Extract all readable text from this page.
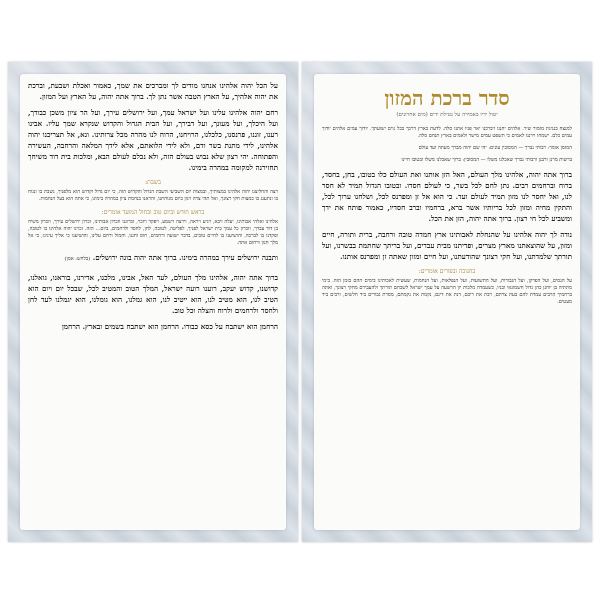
על הכל יהוה אלהינו אנחנו מודים לך ומברכים את שמך, כאמור ואכלת ושבעת, וברכת את יהוה אלהיך, על הארץ הטבה אשר נתן לך. ברוך אתה יהוה, על הארץ ועל המזון.

רחם יהוה אלהינו עלינו ועל ישראל עמך, ועל ירושלים עירך, ועל הר ציון משכן כבודך, ועל היכלך, ועל מעונך, ועל דבירך, ועל הבית הגדול והקדוש שנקרא שמך עליו. אבינו רענו, זוננו, פרנסנו, כלכלנו, הרויחנו, הרוח לנו מהרה מכל צרותינו. ונא, אל תצריכנו יהוה אלהינו, לידי מתנת בשר ודם, ולא לידי הלואתם, אלא לידך המלאה והרחבה, העשירה והפתוחה. יהי רצון שלא נבוש בעולם הזה, ולא נכלם לעולם הבא, ומלכות בית דוד משיחך תחזירנה למקומה במהרה בימינו.

בשבת:

רצה והחליצנו יהוה אלהינו במצותיך, ובמצות יום השביעי השבת הגדול והקדוש הזה, כי יום גדול וקדוש הוא מלפניך, נשבת בו ונגוח בו ונתענג בו כמצות חקי רצונך, ואל תהי צרה ויגון ביום מנוחתנו, והראנו בנחמת ציון במהרה בימינו, כי אתה הוא בעל הנחמות.

בראש חודש וביום טוב ובחול המועד אומרים:

אלהינו ואלהי אבותינו, יעלה ויבא, ויגיע ויראה, וירצה וישמע, ויפקד ויזכר, זכרוננו וזכרון אבותינו, זכרון ירושלים עירך, וזכרון משיח בן דוד עבדך, וזכרון כל עמך בית ישראל לפניך, לפליטה, לטובה, לחן, לחסד ולרחמים, ביום... הזה. זכרנו יהוה אלהינו בו לטובה, ופקדנו בו לברכה, והושיענו בו לחיים טובים, בדבר ישועה ורחמים, חוס וחננו, וחמול ורחם עלינו, והושיענו כי אליך עינינו, כי אל מלך חנון ורחום אתה.

ותבנה ירושלים עירך במהרה בימינו. ברוך אתה יהוה בונה ירושלים. (בלחש: אמן)

ברוך אתה יהוה, אלהינו מלך העולם, לעד האל, אבינו, מלכנו, אדירנו, בוראנו, גואלנו, קדושנו, קדוש יעקב, רוענו רועה ישראל, המלך הטוב והמטיב לכל, שבכל יום ויום הוא הטיב לנו, הוא מטיב לנו, הוא ייטיב לנו, הוא גמלנו, הוא גומלנו, הוא יגמלנו לעד לחן ולחסד ולרחמים ולרוח והצלה וכל טוב.

הרחמן הוא ישתבח על כסא כבודו. הרחמן הוא ישתבח בשמים ובארץ. הרחמן

סדר ברכת המזון
יטול ידיו באמירה על נטילת ידים (מים אחרונים)

למנצח בנגינת מזמור שיר. אלהים יחננו ויברכנו יאר פניו אתנו סלה. לדעת בארץ דרכך בכל גוים ישועתך. יודוך עמים אלהים יודוך עמים כלם. ישמחו וירננו לאמים כי תשפט עמים מישר ולאמים בארץ תנחם סלה.

המזמן אומר: רבותי נברך — המסובין עונים: יהי שם יהוה מברך מעתה ועד עולם

ברשות מרנן ורבנן ורבותי נברך שאכלנו משלו — המסובין: ברוך שאכלנו משלו ובטובו חיינו

ברוך אתה יהוה, אלהינו מלך העולם, האל הזן אותנו ואת העולם כלו בטובו, בחן, בחסד, ברוח וברחמים רבים. נתן לחם לכל בשר, כי לעולם חסדו. ובטובו הגדול תמיד לא חסר לנו, ואל יחסר לנו מזון תמיד לעולם ועד. כי הוא אל זן ומפרנס לכל, ושלחנו ערוך לכל, והתקין מחיה ומזון לכל בריותיו אשר ברא, ברחמיו וברב חסדיו, כאמור פותח את ידך ומשביע לכל חי רצון. ברוך אתה יהוה, הזן את הכל.

נודה לך יהוה אלהינו על שהנחלת לאבותינו ארץ חמדה טובה ורחבה, ברית ותורה, חיים ומזון, על שהוצאתנו מארץ מצרים, ופדיתנו מבית עבדים, ועל בריתך שחתמת בבשרנו, ועל תורתך שלמדתנו, ועל חקי רצונך שהודעתנו, ועל חיים ומזון שאתה זן ומפרנס אותנו.

בחנוכה ובפורים אומרים:

על הנסים, ועל הפרקן, ועל הגבורות, ועל התשועות, ועל הנפלאות, ועל הנחמות, שעשית לאבותינו בימים ההם בזמן הזה. בימי מתתיה בן יוחנן כהן גדול חשמונאי ובניו, כשעמדה מלכות יון הרשעה על עמך ישראל לשכחם תורתך ולהעבירם מחקי רצונך, ואתה ברחמיך הרבים עמדת להם בעת צרתם, רבת את ריבם, דנת את דינם, נקמת את נקמתם, מסרת גבורים ביד חלשים, ורבים ביד מעטים.
